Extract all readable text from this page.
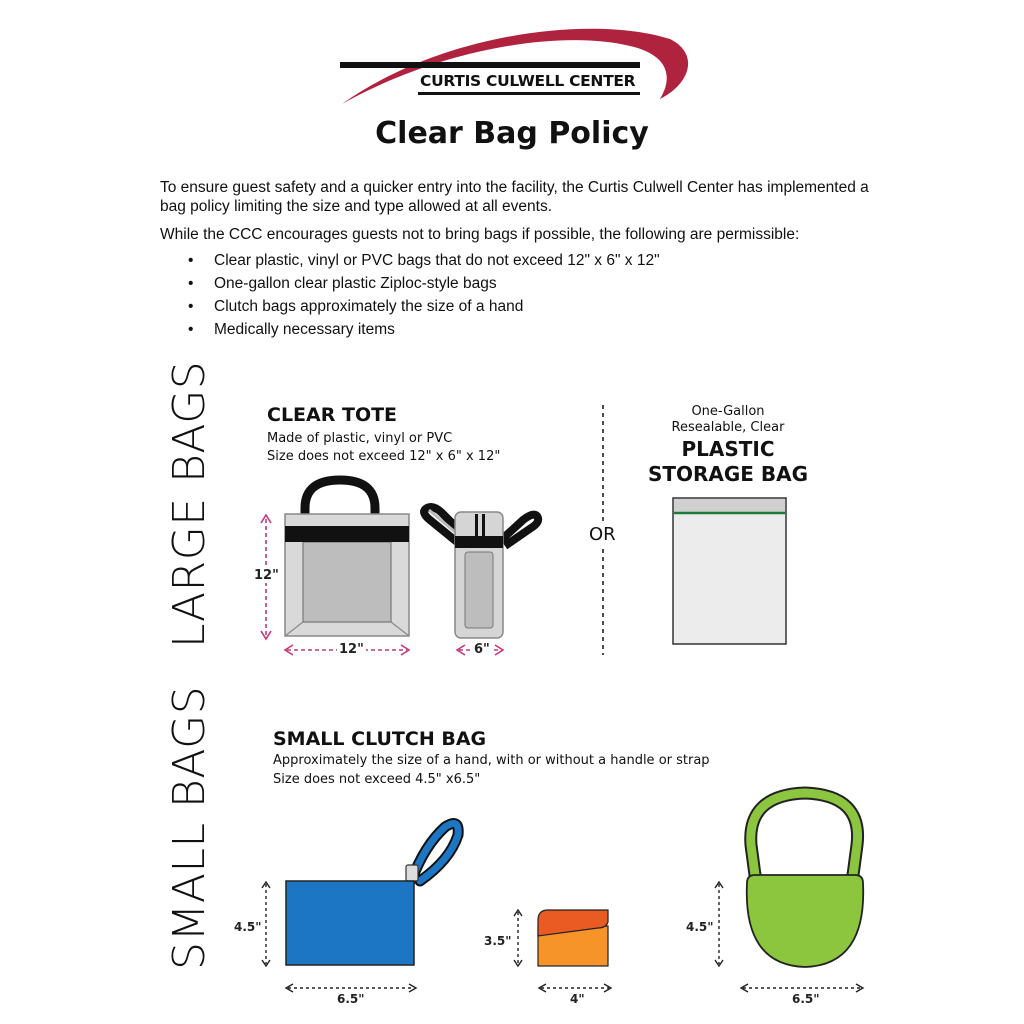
CURTIS CULWELL CENTER
Clear Bag Policy
To ensure guest safety and a quicker entry into the facility, the Curtis Culwell Center has implemented a bag policy limiting the size and type allowed at all events.
While the CCC encourages guests not to bring bags if possible, the following are permissible:
• Clear plastic, vinyl or PVC bags that do not exceed 12" x 6" x 12"
• One-gallon clear plastic Ziploc-style bags
• Clutch bags approximately the size of a hand
• Medically necessary items
LARGE BAGS	CLEAR TOTE
Made of plastic, vinyl or PVC
Size does not exceed 12" x 6" x 12"
12"
12"	6"
OR
One-Gallon
Resealable, Clear
PLASTIC
STORAGE BAG
SMALL BAGS	SMALL CLUTCH BAG
Approximately the size of a hand, with or without a handle or strap
Size does not exceed 4.5" x6.5"
4.5"
6.5"
3.5"
4"
4.5"
6.5"
